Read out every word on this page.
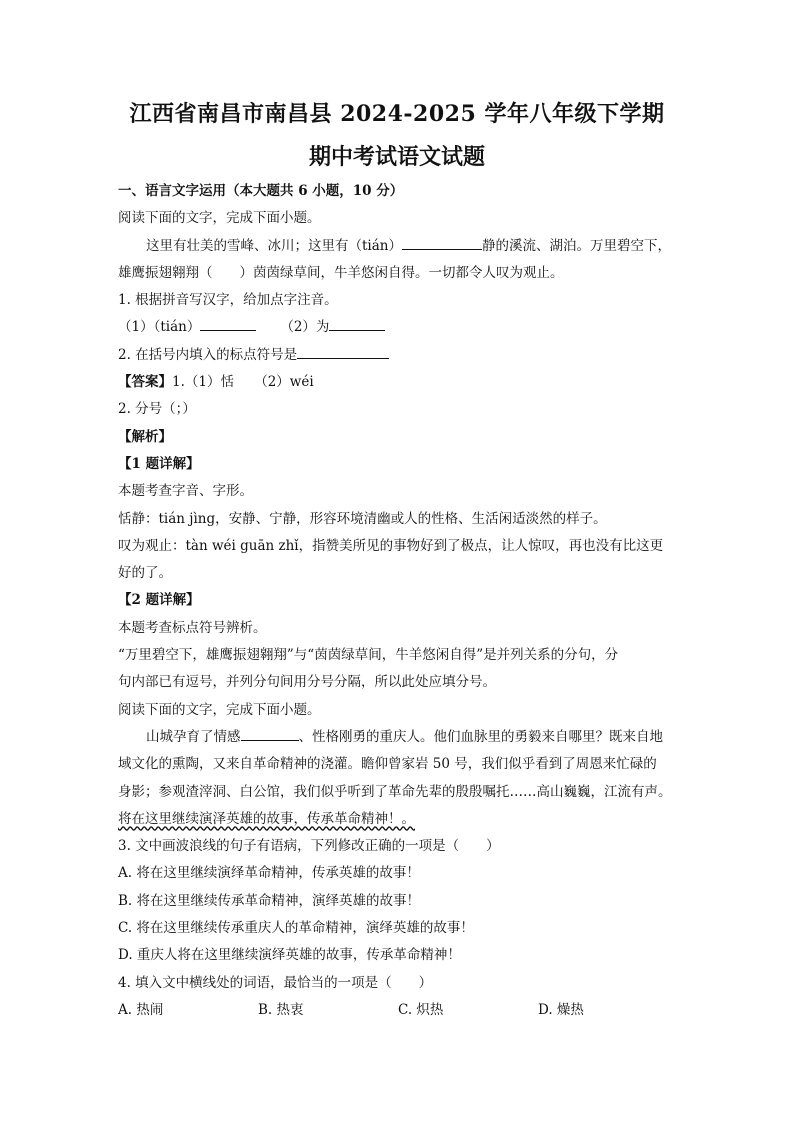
江西省南昌市南昌县 2024-2025 学年八年级下学期
期中考试语文试题
一、语言文字运用（本大题共 6 小题，10 分）
阅读下面的文字，完成下面小题。
这里有壮美的雪峰、冰川；这里有（tián）	静的溪流、湖泊。万里碧空下，
雄鹰振翅翱翔（　　）茵茵绿草间，牛羊悠闲自得。一切都令人叹为观止。
1. 根据拼音写汉字，给加点字注音。
（1）（tián）	（2）为
2. 在括号内填入的标点符号是
【答案】1.（1）恬　　（2）wéi
2. 分号（；）
【解析】
【1 题详解】
本题考查字音、字形。
恬静：tián jìng，安静、宁静，形容环境清幽或人的性格、生活闲适淡然的样子。
叹为观止：tàn wéi guān zhǐ，指赞美所见的事物好到了极点，让人惊叹，再也没有比这更
好的了。
【2 题详解】
本题考查标点符号辨析。
“万里碧空下，雄鹰振翅翱翔”与“茵茵绿草间，牛羊悠闲自得”是并列关系的分句，分
句内部已有逗号，并列分句间用分号分隔，所以此处应填分号。
阅读下面的文字，完成下面小题。
山城孕育了情感	、性格刚勇的重庆人。他们血脉里的勇毅来自哪里？既来自地
域文化的熏陶，又来自革命精神的浇灌。瞻仰曾家岩 50 号，我们似乎看到了周恩来忙碌的
身影；参观渣滓洞、白公馆，我们似乎听到了革命先辈的殷殷嘱托……高山巍巍，江流有声。
将在这里继续演泽英雄的故事，传承革命精神！。
3. 文中画波浪线的句子有语病，下列修改正确的一项是（　　）
A. 将在这里继续演绎革命精神，传承英雄的故事！
B. 将在这里继续传承革命精神，演绎英雄的故事！
C. 将在这里继续传承重庆人的革命精神，演绎英雄的故事！
D. 重庆人将在这里继续演绎英雄的故事，传承革命精神！
4. 填入文中横线处的词语，最恰当的一项是（　　）
A. 热闹	B. 热衷	C. 炽热	D. 燥热
